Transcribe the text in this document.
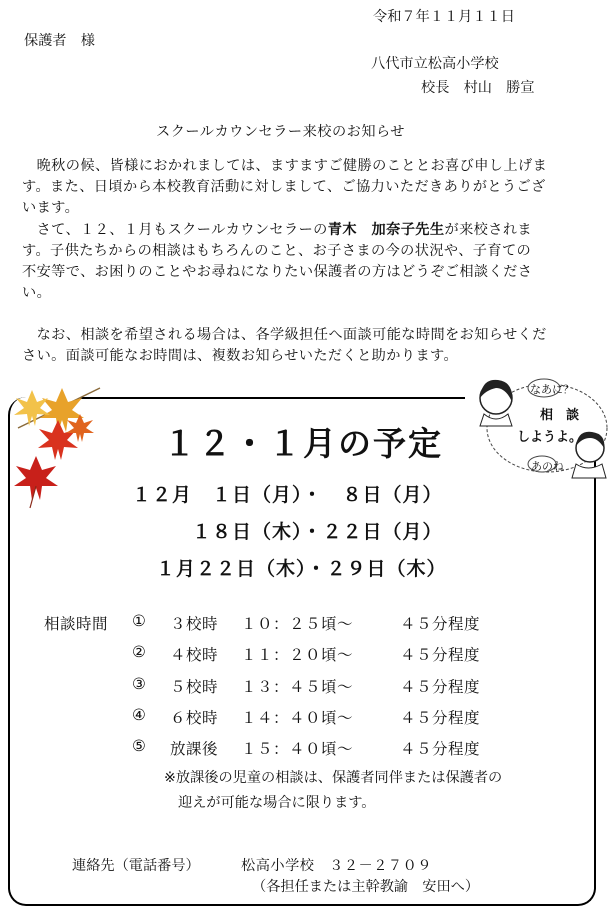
令和７年１１月１１日
保護者　様
八代市立松高小学校
校長　村山　勝宣
スクールカウンセラー来校のお知らせ
　晩秋の候、皆様におかれましては、ますますご健勝のこととお喜び申し上げま
す。また、日頃から本校教育活動に対しまして、ご協力いただきありがとうござ
います。
　さて、１２、１月もスクールカウンセラーの青木　加奈子先生が来校されま
す。子供たちからの相談はもちろんのこと、お子さまの今の状況や、子育ての
不安等で、お困りのことやお尋ねになりたい保護者の方はどうぞご相談くださ
い。
　なお、相談を希望される場合は、各学級担任へ面談可能な時間をお知らせくだ
さい。面談可能なお時間は、複数お知らせいただくと助かります。
なあに？
相　談
しようよ。
あのね
１２・１月の予定
１２月　１日（月）・　８日（月）
１８日（木）・２２日（月）
１月２２日（木）・２９日（木）
相談時間 ① ３校時 １０：２５頃～	４５分程度
② ４校時 １１：２０頃～	４５分程度
③ ５校時 １３：４５頃～	４５分程度
④ ６校時 １４：４０頃～	４５分程度
⑤ 放課後 １５：４０頃～	４５分程度
※放課後の児童の相談は、保護者同伴または保護者の
迎えが可能な場合に限ります。
連絡先（電話番号）	松高小学校　３２－２７０９
（各担任または主幹教諭　安田へ）
